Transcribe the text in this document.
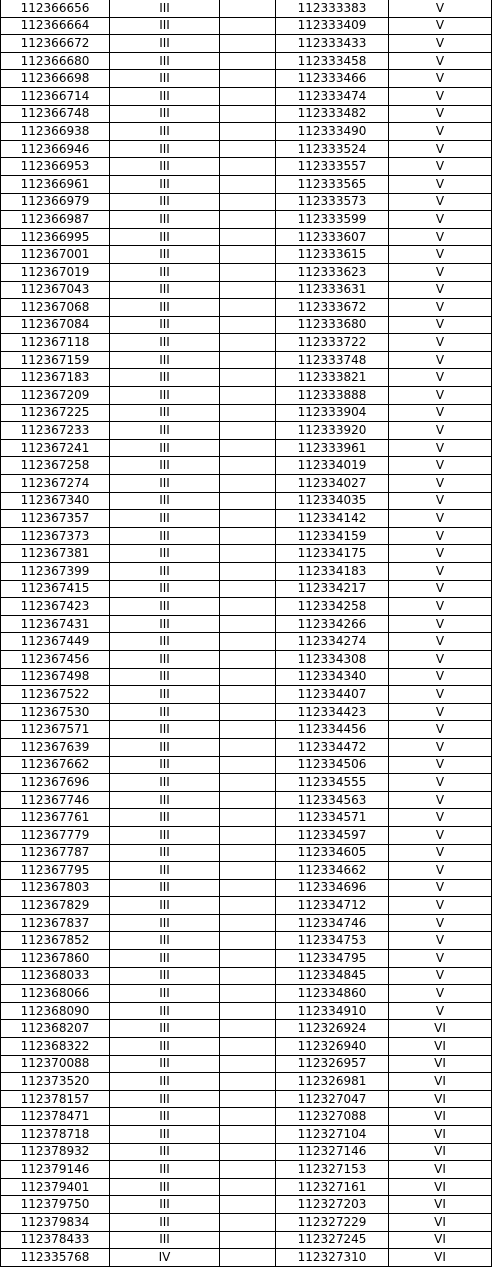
112366656	III		112333383	V
112366664	III		112333409	V
112366672	III		112333433	V
112366680	III		112333458	V
112366698	III		112333466	V
112366714	III		112333474	V
112366748	III		112333482	V
112366938	III		112333490	V
112366946	III		112333524	V
112366953	III		112333557	V
112366961	III		112333565	V
112366979	III		112333573	V
112366987	III		112333599	V
112366995	III		112333607	V
112367001	III		112333615	V
112367019	III		112333623	V
112367043	III		112333631	V
112367068	III		112333672	V
112367084	III		112333680	V
112367118	III		112333722	V
112367159	III		112333748	V
112367183	III		112333821	V
112367209	III		112333888	V
112367225	III		112333904	V
112367233	III		112333920	V
112367241	III		112333961	V
112367258	III		112334019	V
112367274	III		112334027	V
112367340	III		112334035	V
112367357	III		112334142	V
112367373	III		112334159	V
112367381	III		112334175	V
112367399	III		112334183	V
112367415	III		112334217	V
112367423	III		112334258	V
112367431	III		112334266	V
112367449	III		112334274	V
112367456	III		112334308	V
112367498	III		112334340	V
112367522	III		112334407	V
112367530	III		112334423	V
112367571	III		112334456	V
112367639	III		112334472	V
112367662	III		112334506	V
112367696	III		112334555	V
112367746	III		112334563	V
112367761	III		112334571	V
112367779	III		112334597	V
112367787	III		112334605	V
112367795	III		112334662	V
112367803	III		112334696	V
112367829	III		112334712	V
112367837	III		112334746	V
112367852	III		112334753	V
112367860	III		112334795	V
112368033	III		112334845	V
112368066	III		112334860	V
112368090	III		112334910	V
112368207	III		112326924	VI
112368322	III		112326940	VI
112370088	III		112326957	VI
112373520	III		112326981	VI
112378157	III		112327047	VI
112378471	III		112327088	VI
112378718	III		112327104	VI
112378932	III		112327146	VI
112379146	III		112327153	VI
112379401	III		112327161	VI
112379750	III		112327203	VI
112379834	III		112327229	VI
112378433	III		112327245	VI
112335768	IV		112327310	VI
